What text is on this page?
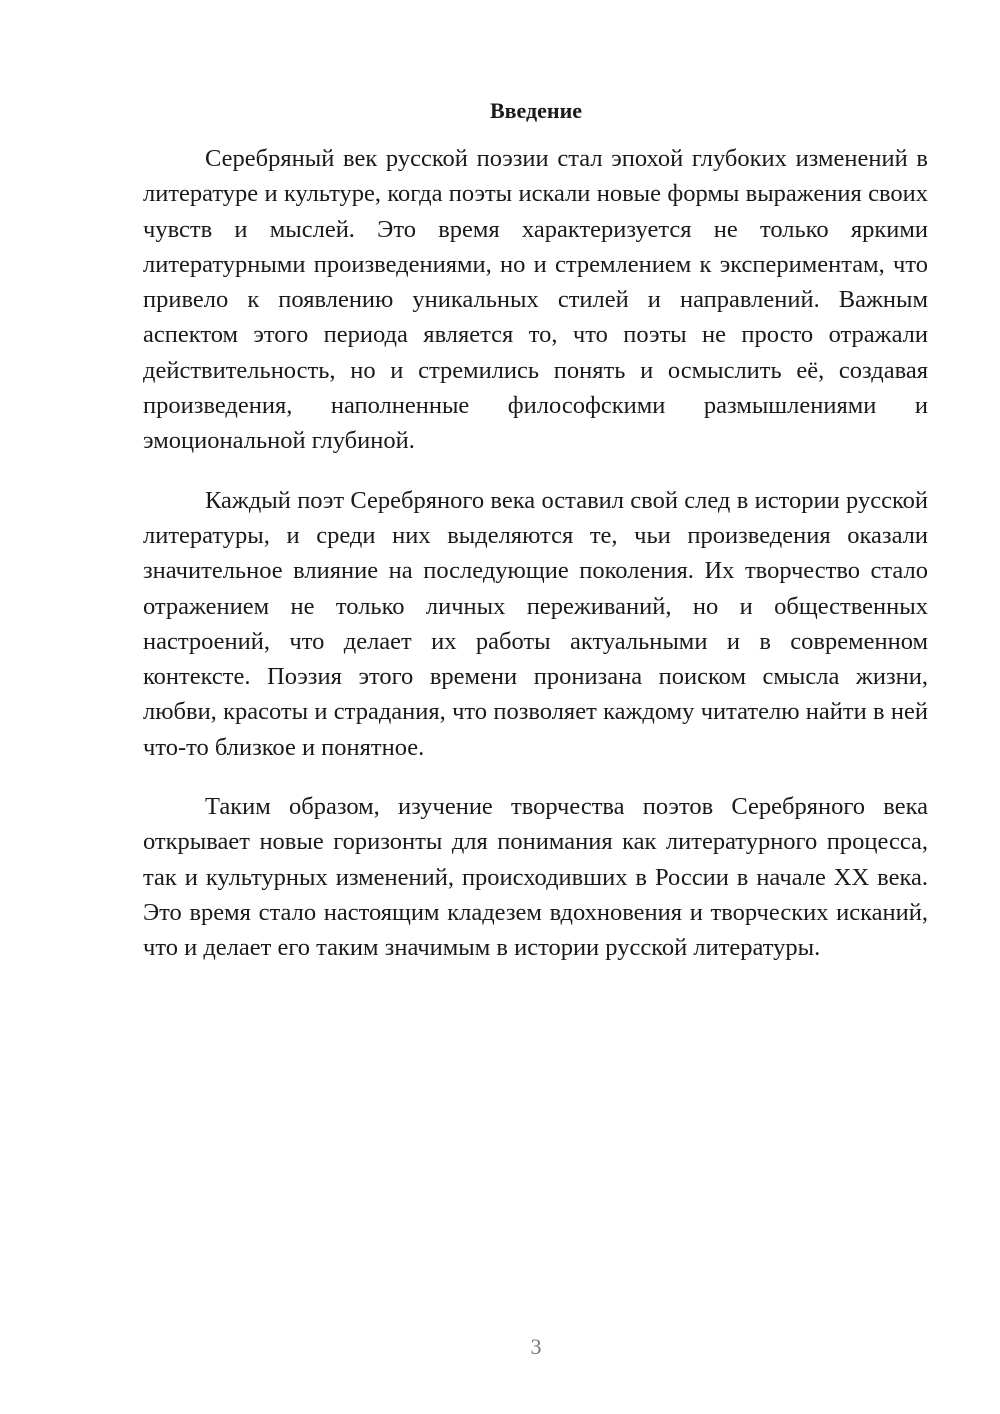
Введение

Серебряный век русской поэзии стал эпохой глубоких изменений в литературе и культуре, когда поэты искали новые формы выражения своих чувств и мыслей. Это время характеризуется не только яркими литературными произведениями, но и стремлением к экспериментам, что привело к появлению уникальных стилей и направлений. Важным аспектом этого периода является то, что поэты не просто отражали действительность, но и стремились понять и осмыслить её, создавая произведения, наполненные философскими размышлениями и эмоциональной глубиной.

Каждый поэт Серебряного века оставил свой след в истории русской литературы, и среди них выделяются те, чьи произведения оказали значительное влияние на последующие поколения. Их творчество стало отражением не только личных переживаний, но и общественных настроений, что делает их работы актуальными и в современном контексте. Поэзия этого времени пронизана поиском смысла жизни, любви, красоты и страдания, что позволяет каждому читателю найти в ней что-то близкое и понятное.

Таким образом, изучение творчества поэтов Серебряного века открывает новые горизонты для понимания как литературного процесса, так и культурных изменений, происходивших в России в начале XX века. Это время стало настоящим кладезем вдохновения и творческих исканий, что и делает его таким значимым в истории русской литературы.

3
